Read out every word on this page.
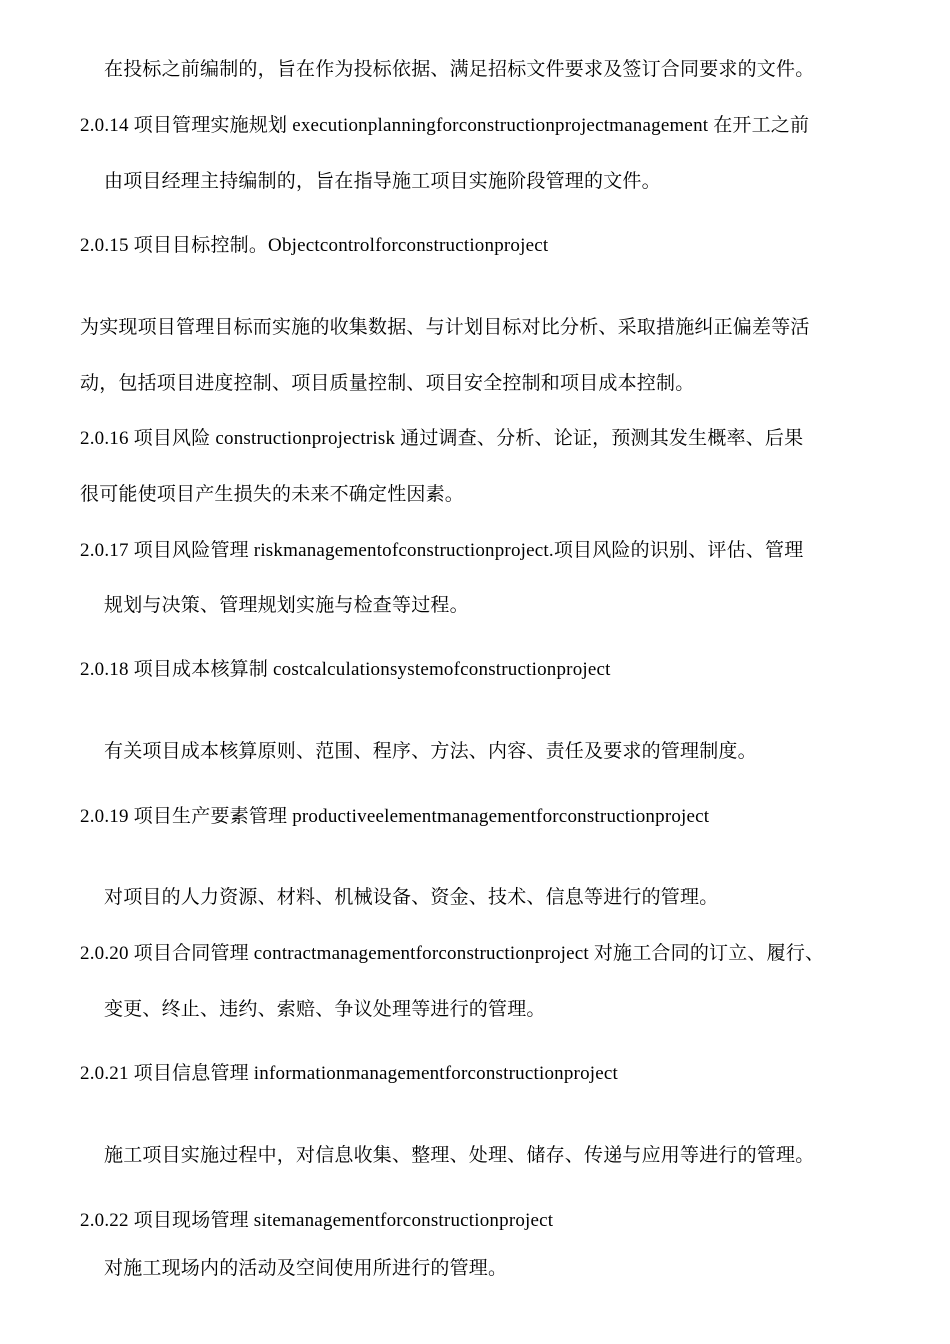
在投标之前编制的，旨在作为投标依据、满足招标文件要求及签订合同要求的文件。
2.0.14 项目管理实施规划 executionplanningforconstructionprojectmanagement 在开工之前
由项目经理主持编制的，旨在指导施工项目实施阶段管理的文件。
2.0.15 项目目标控制。Objectcontrolforconstructionproject
为实现项目管理目标而实施的收集数据、与计划目标对比分析、采取措施纠正偏差等活
动，包括项目进度控制、项目质量控制、项目安全控制和项目成本控制。
2.0.16 项目风险 constructionprojectrisk 通过调查、分析、论证，预测其发生概率、后果
很可能使项目产生损失的未来不确定性因素。
2.0.17 项目风险管理 riskmanagementofconstructionproject.项目风险的识别、评估、管理
规划与决策、管理规划实施与检查等过程。
2.0.18 项目成本核算制 costcalculationsystemofconstructionproject
有关项目成本核算原则、范围、程序、方法、内容、责任及要求的管理制度。
2.0.19 项目生产要素管理 productiveelementmanagementforconstructionproject
对项目的人力资源、材料、机械设备、资金、技术、信息等进行的管理。
2.0.20 项目合同管理 contractmanagementforconstructionproject 对施工合同的订立、履行、
变更、终止、违约、索赔、争议处理等进行的管理。
2.0.21 项目信息管理 informationmanagementforconstructionproject
施工项目实施过程中，对信息收集、整理、处理、储存、传递与应用等进行的管理。
2.0.22 项目现场管理 sitemanagementforconstructionproject
对施工现场内的活动及空间使用所进行的管理。
